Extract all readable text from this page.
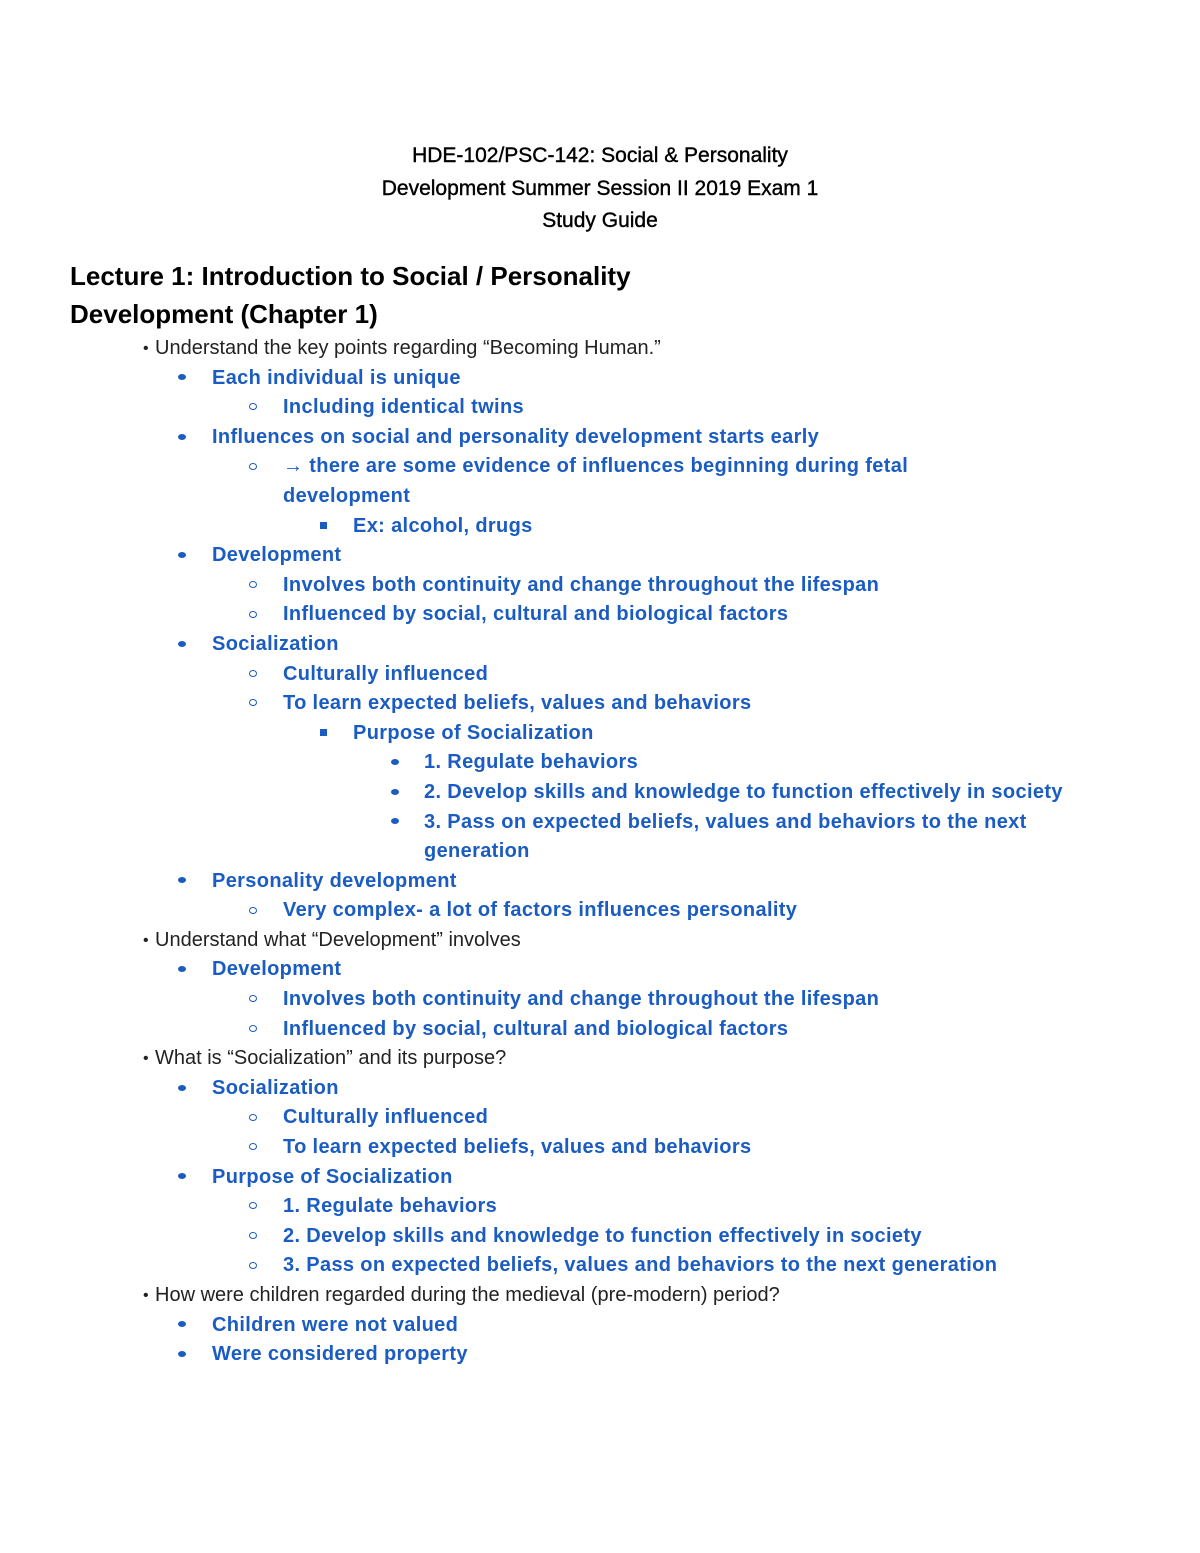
HDE-102/PSC-142: Social & Personality
Development Summer Session II 2019 Exam 1
Study Guide
Lecture 1: Introduction to Social / Personality
Development (Chapter 1)
• Understand the key points regarding “Becoming Human.”
Each individual is unique
Including identical twins
Influences on social and personality development starts early
→ there are some evidence of influences beginning during fetal development
Ex: alcohol, drugs
Development
Involves both continuity and change throughout the lifespan
Influenced by social, cultural and biological factors
Socialization
Culturally influenced
To learn expected beliefs, values and behaviors
Purpose of Socialization
1. Regulate behaviors
2. Develop skills and knowledge to function effectively in society
3. Pass on expected beliefs, values and behaviors to the next generation
Personality development
Very complex- a lot of factors influences personality
• Understand what “Development” involves
Development
Involves both continuity and change throughout the lifespan
Influenced by social, cultural and biological factors
• What is “Socialization” and its purpose?
Socialization
Culturally influenced
To learn expected beliefs, values and behaviors
Purpose of Socialization
1. Regulate behaviors
2. Develop skills and knowledge to function effectively in society
3. Pass on expected beliefs, values and behaviors to the next generation
• How were children regarded during the medieval (pre-modern) period?
Children were not valued
Were considered property
